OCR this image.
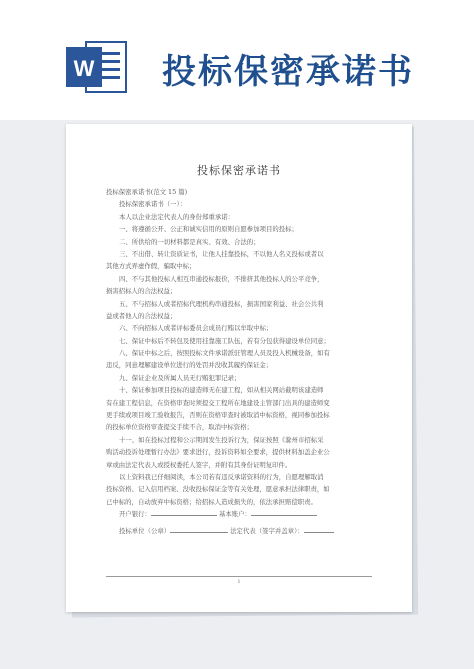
W 投标保密承诺书
投标保密承诺书
投标保密承诺书(范文 15 篇)
投标保密承诺书（一）：
本人以企业法定代表人的身份郑重承诺：
一、将遵循公开、公正和诚实信用的原则自愿参加项目的投标；
二、所供给的一切材料都是真实、有效、合法的；
三、不出借、转让资质证书，让他人挂靠投标，不以他人名义投标或者以
其他方式弄虚作假，骗取中标；
四、不与其他投标人相互串通投标报价，不排挤其他投标人的公平竞争，
损害招标人的合法权益；
五、不与招标人或者招标代理机构串通投标，损害国家利益、社会公共利
益或者他人的合法权益；
六、不向招标人或者评标委员会成员行贿以牟取中标；
七、保证中标后不转包及使用挂靠施工队伍，若有分包获得建设单位同意；
八、保证中标之后，按照投标文件承诺派驻管理人员及投入机械设备，如有
违反，同意理解建设单位进行的处罚并没收其履约保证金；
九、保证企业及所属人员无行贿犯罪记录；
十、保证参加项目投标的建造师无在建工程，如从相关网站截明该建造师
有在建工程信息，在资格审查时须提交工程所在地建设主管部门出具的建造师变
更手续或项目竣工验收报告，否则在资格审查时被取消中标资格，视同参加投标
的投标单位资格审查提交手续不合，取消中标资格；
十一、如在投标过程和公示期间发生投诉行为，保证按照《滁州市招标采
购活动投诉处理暂行办法》要求进行，投诉资料如全要求，提供材料加盖企业公
章或由法定代表人或授权委托人签字，并附有其身份证明复印件。
以上资料我已仔细阅读，本公司若有违反承诺资料的行为，自愿理解取消
投标资格、记入信用档案、没收投标保证金等有关处理，愿意承担法律职责，如
已中标的，自动放弃中标资格；给招标人造成损失的，依法承担赔偿职责。
开户银行：	基本账户：
投标单位（公章）	法定代表（签字并盖章）：
1
